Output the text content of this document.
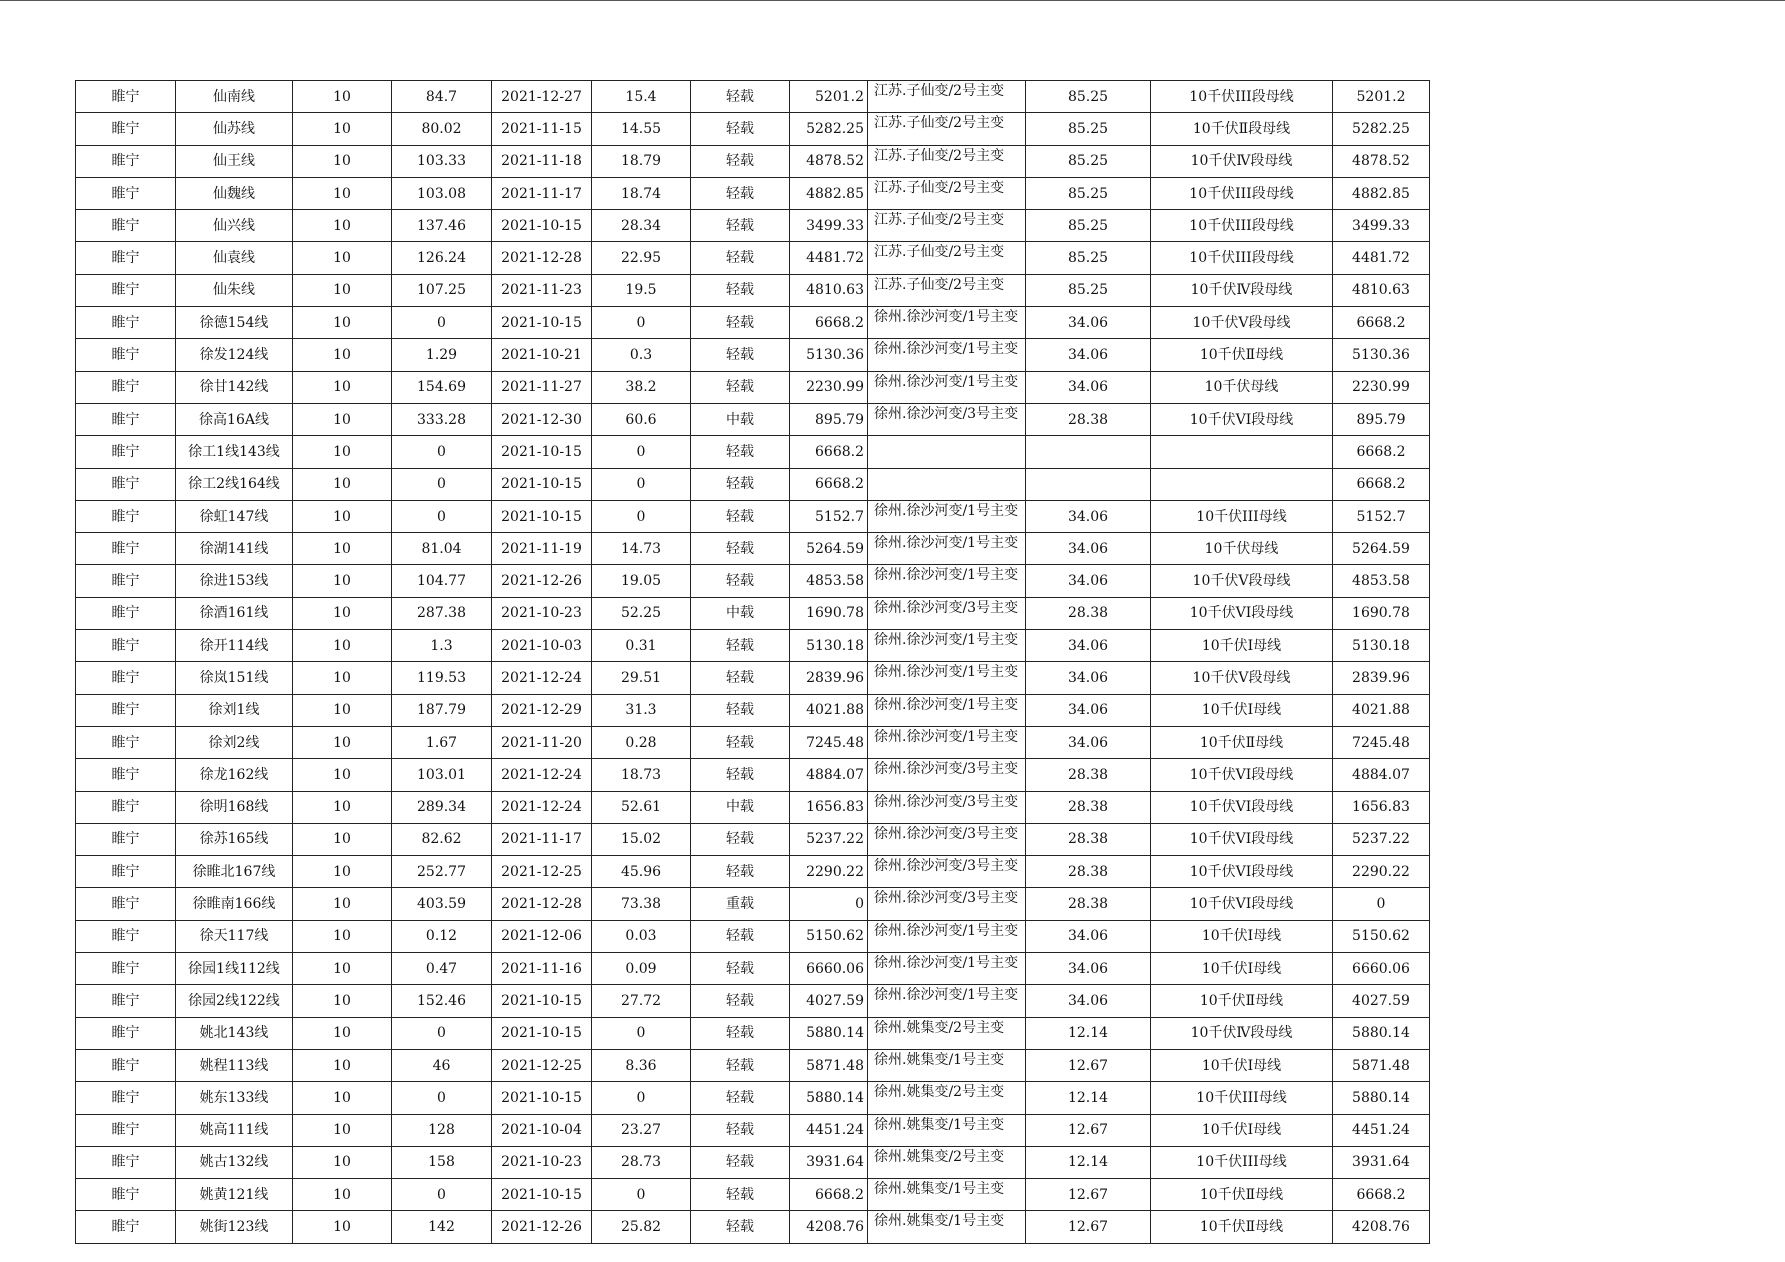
睢宁	仙南线	10	84.7	2021-12-27	15.4	轻载	5201.2	江苏.子仙变/2号主变	85.25	10千伏III段母线	5201.2
睢宁	仙苏线	10	80.02	2021-11-15	14.55	轻载	5282.25	江苏.子仙变/2号主变	85.25	10千伏Ⅱ段母线	5282.25
睢宁	仙王线	10	103.33	2021-11-18	18.79	轻载	4878.52	江苏.子仙变/2号主变	85.25	10千伏Ⅳ段母线	4878.52
睢宁	仙魏线	10	103.08	2021-11-17	18.74	轻载	4882.85	江苏.子仙变/2号主变	85.25	10千伏III段母线	4882.85
睢宁	仙兴线	10	137.46	2021-10-15	28.34	轻载	3499.33	江苏.子仙变/2号主变	85.25	10千伏III段母线	3499.33
睢宁	仙袁线	10	126.24	2021-12-28	22.95	轻载	4481.72	江苏.子仙变/2号主变	85.25	10千伏III段母线	4481.72
睢宁	仙朱线	10	107.25	2021-11-23	19.5	轻载	4810.63	江苏.子仙变/2号主变	85.25	10千伏Ⅳ段母线	4810.63
睢宁	徐德154线	10	0	2021-10-15	0	轻载	6668.2	徐州.徐沙河变/1号主变	34.06	10千伏Ⅴ段母线	6668.2
睢宁	徐发124线	10	1.29	2021-10-21	0.3	轻载	5130.36	徐州.徐沙河变/1号主变	34.06	10千伏Ⅱ母线	5130.36
睢宁	徐甘142线	10	154.69	2021-11-27	38.2	轻载	2230.99	徐州.徐沙河变/1号主变	34.06	10千伏母线	2230.99
睢宁	徐高16A线	10	333.28	2021-12-30	60.6	中载	895.79	徐州.徐沙河变/3号主变	28.38	10千伏VI段母线	895.79
睢宁	徐工1线143线	10	0	2021-10-15	0	轻载	6668.2				6668.2
睢宁	徐工2线164线	10	0	2021-10-15	0	轻载	6668.2				6668.2
睢宁	徐虹147线	10	0	2021-10-15	0	轻载	5152.7	徐州.徐沙河变/1号主变	34.06	10千伏III母线	5152.7
睢宁	徐湖141线	10	81.04	2021-11-19	14.73	轻载	5264.59	徐州.徐沙河变/1号主变	34.06	10千伏母线	5264.59
睢宁	徐进153线	10	104.77	2021-12-26	19.05	轻载	4853.58	徐州.徐沙河变/1号主变	34.06	10千伏Ⅴ段母线	4853.58
睢宁	徐酒161线	10	287.38	2021-10-23	52.25	中载	1690.78	徐州.徐沙河变/3号主变	28.38	10千伏VI段母线	1690.78
睢宁	徐开114线	10	1.3	2021-10-03	0.31	轻载	5130.18	徐州.徐沙河变/1号主变	34.06	10千伏Ⅰ母线	5130.18
睢宁	徐岚151线	10	119.53	2021-12-24	29.51	轻载	2839.96	徐州.徐沙河变/1号主变	34.06	10千伏Ⅴ段母线	2839.96
睢宁	徐刘1线	10	187.79	2021-12-29	31.3	轻载	4021.88	徐州.徐沙河变/1号主变	34.06	10千伏Ⅰ母线	4021.88
睢宁	徐刘2线	10	1.67	2021-11-20	0.28	轻载	7245.48	徐州.徐沙河变/1号主变	34.06	10千伏Ⅱ母线	7245.48
睢宁	徐龙162线	10	103.01	2021-12-24	18.73	轻载	4884.07	徐州.徐沙河变/3号主变	28.38	10千伏VI段母线	4884.07
睢宁	徐明168线	10	289.34	2021-12-24	52.61	中载	1656.83	徐州.徐沙河变/3号主变	28.38	10千伏VI段母线	1656.83
睢宁	徐苏165线	10	82.62	2021-11-17	15.02	轻载	5237.22	徐州.徐沙河变/3号主变	28.38	10千伏VI段母线	5237.22
睢宁	徐睢北167线	10	252.77	2021-12-25	45.96	轻载	2290.22	徐州.徐沙河变/3号主变	28.38	10千伏VI段母线	2290.22
睢宁	徐睢南166线	10	403.59	2021-12-28	73.38	重载	0	徐州.徐沙河变/3号主变	28.38	10千伏VI段母线	0
睢宁	徐天117线	10	0.12	2021-12-06	0.03	轻载	5150.62	徐州.徐沙河变/1号主变	34.06	10千伏Ⅰ母线	5150.62
睢宁	徐园1线112线	10	0.47	2021-11-16	0.09	轻载	6660.06	徐州.徐沙河变/1号主变	34.06	10千伏Ⅰ母线	6660.06
睢宁	徐园2线122线	10	152.46	2021-10-15	27.72	轻载	4027.59	徐州.徐沙河变/1号主变	34.06	10千伏Ⅱ母线	4027.59
睢宁	姚北143线	10	0	2021-10-15	0	轻载	5880.14	徐州.姚集变/2号主变	12.14	10千伏Ⅳ段母线	5880.14
睢宁	姚程113线	10	46	2021-12-25	8.36	轻载	5871.48	徐州.姚集变/1号主变	12.67	10千伏Ⅰ母线	5871.48
睢宁	姚东133线	10	0	2021-10-15	0	轻载	5880.14	徐州.姚集变/2号主变	12.14	10千伏III母线	5880.14
睢宁	姚高111线	10	128	2021-10-04	23.27	轻载	4451.24	徐州.姚集变/1号主变	12.67	10千伏Ⅰ母线	4451.24
睢宁	姚古132线	10	158	2021-10-23	28.73	轻载	3931.64	徐州.姚集变/2号主变	12.14	10千伏III母线	3931.64
睢宁	姚黄121线	10	0	2021-10-15	0	轻载	6668.2	徐州.姚集变/1号主变	12.67	10千伏Ⅱ母线	6668.2
睢宁	姚街123线	10	142	2021-12-26	25.82	轻载	4208.76	徐州.姚集变/1号主变	12.67	10千伏Ⅱ母线	4208.76
